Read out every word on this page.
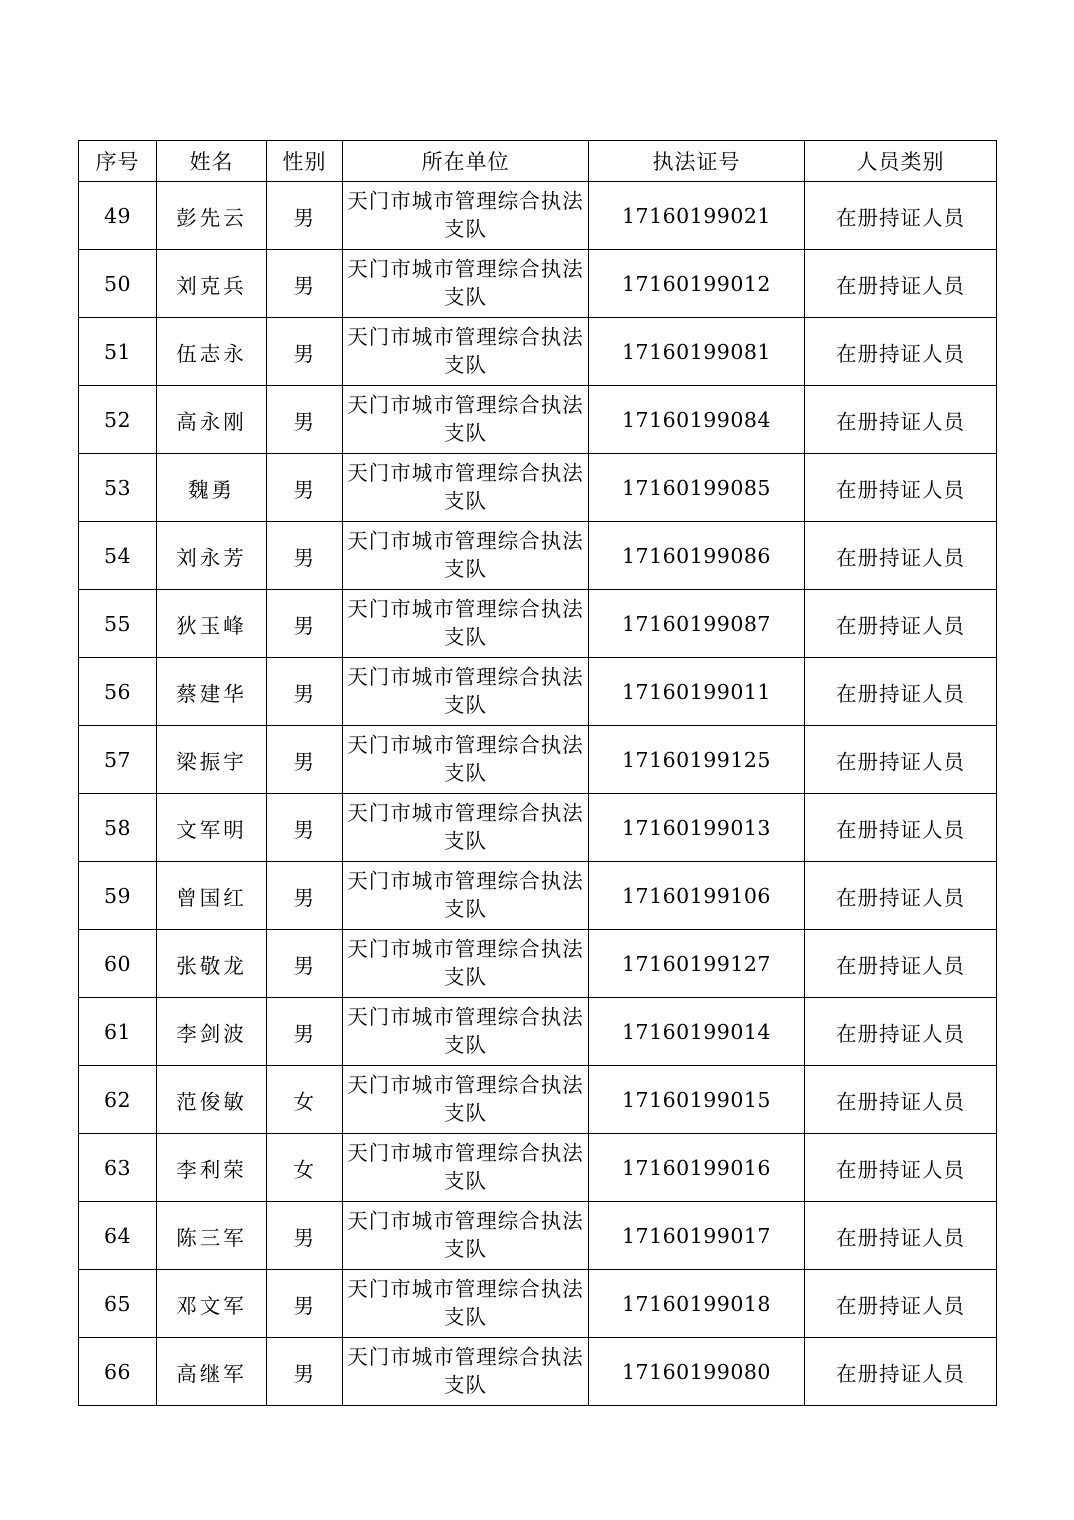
序号	姓名	性别	所在单位	执法证号	人员类别
49	彭先云	男	天门市城市管理综合执法支队	17160199021	在册持证人员
50	刘克兵	男	天门市城市管理综合执法支队	17160199012	在册持证人员
51	伍志永	男	天门市城市管理综合执法支队	17160199081	在册持证人员
52	高永刚	男	天门市城市管理综合执法支队	17160199084	在册持证人员
53	魏勇	男	天门市城市管理综合执法支队	17160199085	在册持证人员
54	刘永芳	男	天门市城市管理综合执法支队	17160199086	在册持证人员
55	狄玉峰	男	天门市城市管理综合执法支队	17160199087	在册持证人员
56	蔡建华	男	天门市城市管理综合执法支队	17160199011	在册持证人员
57	梁振宇	男	天门市城市管理综合执法支队	17160199125	在册持证人员
58	文军明	男	天门市城市管理综合执法支队	17160199013	在册持证人员
59	曾国红	男	天门市城市管理综合执法支队	17160199106	在册持证人员
60	张敬龙	男	天门市城市管理综合执法支队	17160199127	在册持证人员
61	李剑波	男	天门市城市管理综合执法支队	17160199014	在册持证人员
62	范俊敏	女	天门市城市管理综合执法支队	17160199015	在册持证人员
63	李利荣	女	天门市城市管理综合执法支队	17160199016	在册持证人员
64	陈三军	男	天门市城市管理综合执法支队	17160199017	在册持证人员
65	邓文军	男	天门市城市管理综合执法支队	17160199018	在册持证人员
66	高继军	男	天门市城市管理综合执法支队	17160199080	在册持证人员
